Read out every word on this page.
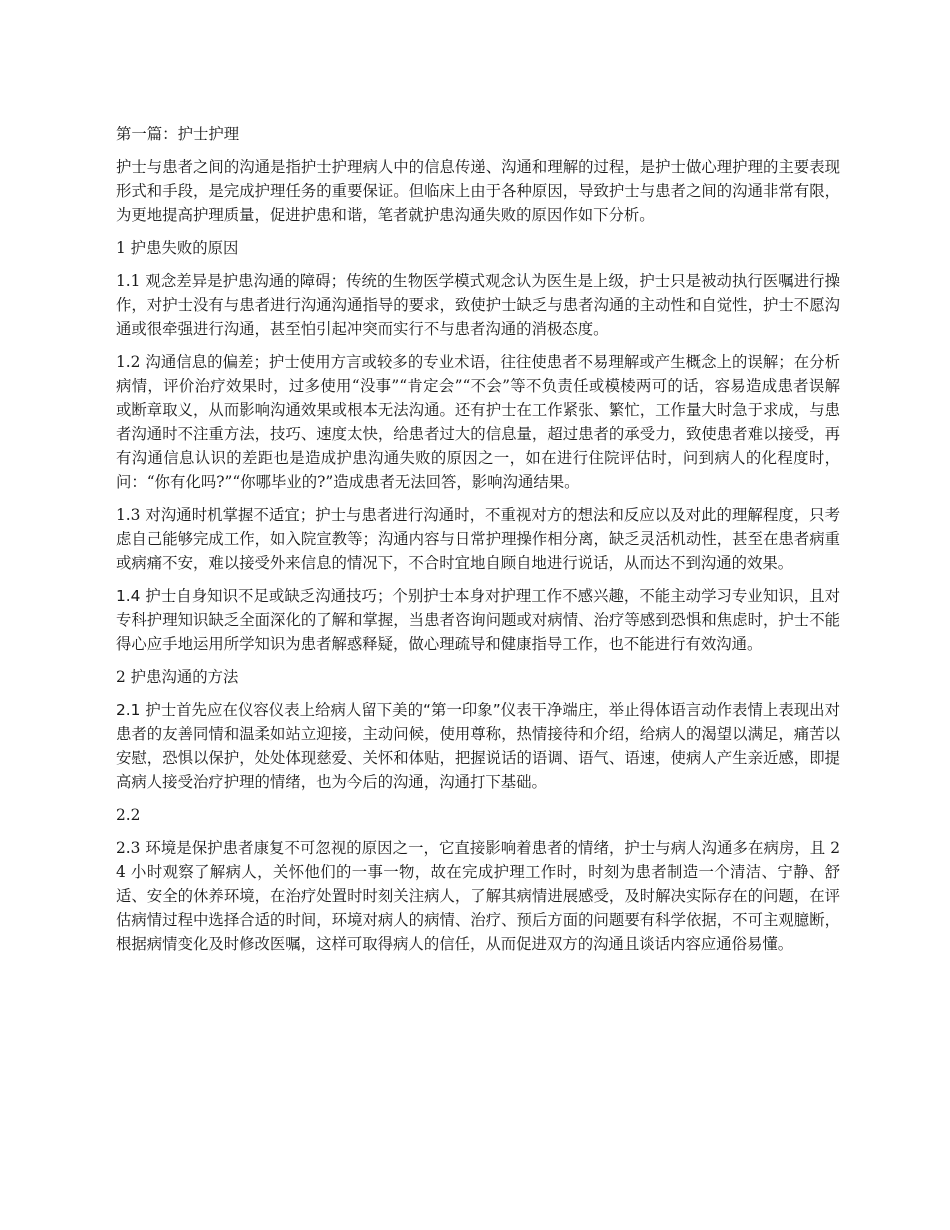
第一篇：护士护理

护士与患者之间的沟通是指护士护理病人中的信息传递、沟通和理解的过程，是护士做心理护理的主要表现形式和手段，是完成护理任务的重要保证。但临床上由于各种原因，导致护士与患者之间的沟通非常有限，为更地提高护理质量，促进护患和谐，笔者就护患沟通失败的原因作如下分析。

1 护患失败的原因

1.1 观念差异是护患沟通的障碍；传统的生物医学模式观念认为医生是上级，护士只是被动执行医嘱进行操作，对护士没有与患者进行沟通沟通指导的要求，致使护士缺乏与患者沟通的主动性和自觉性，护士不愿沟通或很牵强进行沟通，甚至怕引起冲突而实行不与患者沟通的消极态度。

1.2 沟通信息的偏差；护士使用方言或较多的专业术语，往往使患者不易理解或产生概念上的误解；在分析病情，评价治疗效果时，过多使用“没事”“肯定会”“不会”等不负责任或模棱两可的话，容易造成患者误解或断章取义，从而影响沟通效果或根本无法沟通。还有护士在工作紧张、繁忙，工作量大时急于求成，与患者沟通时不注重方法，技巧、速度太快，给患者过大的信息量，超过患者的承受力，致使患者难以接受，再有沟通信息认识的差距也是造成护患沟通失败的原因之一，如在进行住院评估时，问到病人的化程度时，问：“你有化吗?”“你哪毕业的?”造成患者无法回答，影响沟通结果。

1.3 对沟通时机掌握不适宜；护士与患者进行沟通时，不重视对方的想法和反应以及对此的理解程度，只考虑自己能够完成工作，如入院宣教等；沟通内容与日常护理操作相分离，缺乏灵活机动性，甚至在患者病重或病痛不安，难以接受外来信息的情况下，不合时宜地自顾自地进行说话，从而达不到沟通的效果。

1.4 护士自身知识不足或缺乏沟通技巧；个别护士本身对护理工作不感兴趣，不能主动学习专业知识，且对专科护理知识缺乏全面深化的了解和掌握，当患者咨询问题或对病情、治疗等感到恐惧和焦虑时，护士不能得心应手地运用所学知识为患者解惑释疑，做心理疏导和健康指导工作，也不能进行有效沟通。

2 护患沟通的方法

2.1 护士首先应在仪容仪表上给病人留下美的“第一印象”仪表干净端庄，举止得体语言动作表情上表现出对患者的友善同情和温柔如站立迎接，主动问候，使用尊称，热情接待和介绍，给病人的渴望以满足，痛苦以安慰，恐惧以保护，处处体现慈爱、关怀和体贴，把握说话的语调、语气、语速，使病人产生亲近感，即提高病人接受治疗护理的情绪，也为今后的沟通，沟通打下基础。

2.2

2.3 环境是保护患者康复不可忽视的原因之一，它直接影响着患者的情绪，护士与病人沟通多在病房，且 24 小时观察了解病人，关怀他们的一事一物，故在完成护理工作时，时刻为患者制造一个清洁、宁静、舒适、安全的休养环境，在治疗处置时时刻关注病人，了解其病情进展感受，及时解决实际存在的问题，在评估病情过程中选择合适的时间，环境对病人的病情、治疗、预后方面的问题要有科学依据，不可主观臆断，根据病情变化及时修改医嘱，这样可取得病人的信任，从而促进双方的沟通且谈话内容应通俗易懂。
